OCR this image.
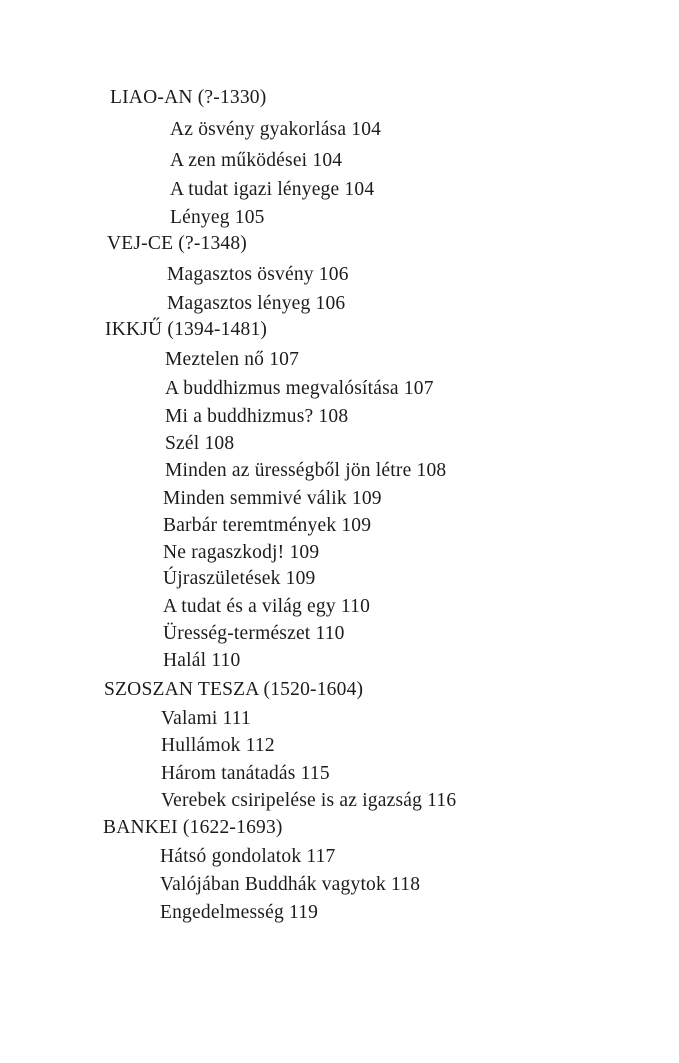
LIAO-AN (?-1330)
Az ösvény gyakorlása 104
A zen működései 104
A tudat igazi lényege 104
Lényeg 105
VEJ-CE (?-1348)
Magasztos ösvény 106
Magasztos lényeg 106
IKKJŰ (1394-1481)
Meztelen nő 107
A buddhizmus megvalósítása 107
Mi a buddhizmus? 108
Szél 108
Minden az ürességből jön létre 108
Minden semmivé válik 109
Barbár teremtmények 109
Ne ragaszkodj! 109
Újraszületések 109
A tudat és a világ egy 110
Üresség-természet 110
Halál 110
SZOSZAN TESZA (1520-1604)
Valami 111
Hullámok 112
Három tanátadás 115
Verebek csiripelése is az igazság 116
BANKEI (1622-1693)
Hátsó gondolatok 117
Valójában Buddhák vagytok 118
Engedelmesség 119
